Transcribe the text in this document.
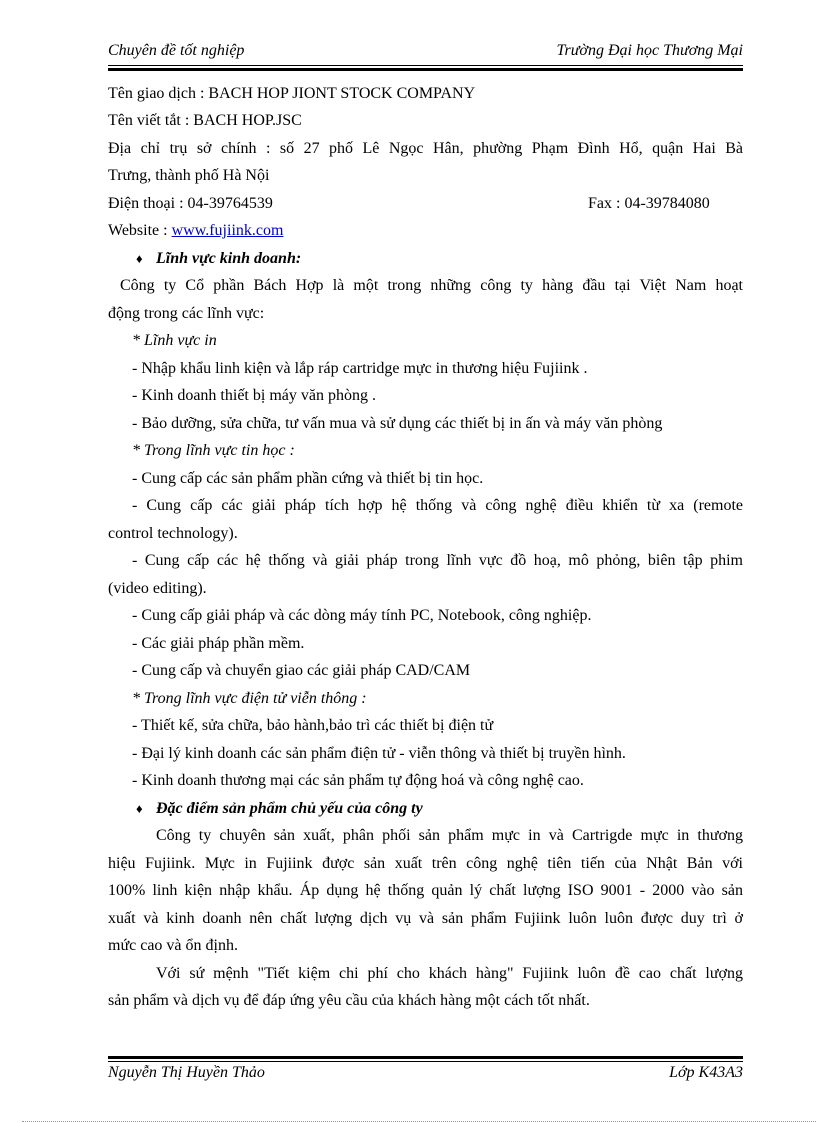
Chuyên đề tốt nghiệp	Trường Đại học Thương Mại
Tên giao dịch : BACH HOP JIONT STOCK COMPANY
Tên viết tắt : BACH HOP.JSC
Địa chỉ trụ sở chính : số 27 phố Lê Ngọc Hân, phường Phạm Đình Hổ, quận Hai Bà
Trưng, thành phố Hà Nội
Điện thoại : 04-39764539	Fax : 04-39784080
Website : www.fujiink.com
♦ Lĩnh vực kinh doanh:
Công ty Cổ phần Bách Hợp là một trong những công ty hàng đầu tại Việt Nam hoạt
động trong các lĩnh vực:
* Lĩnh vực in
- Nhập khẩu linh kiện và lắp ráp cartridge mực in thương hiệu Fujiink .
- Kinh doanh thiết bị máy văn phòng .
- Bảo dưỡng, sửa chữa, tư vấn mua và sử dụng các thiết bị in ấn và máy văn phòng
* Trong lĩnh vực tin học :
- Cung cấp các sản phẩm phần cứng và thiết bị tin học.
- Cung cấp các giải pháp tích hợp hệ thống và công nghệ điều khiển từ xa (remote
control technology).
- Cung cấp các hệ thống và giải pháp trong lĩnh vực đồ hoạ, mô phỏng, biên tập phim
(video editing).
- Cung cấp giải pháp và các dòng máy tính PC, Notebook, công nghiệp.
- Các giải pháp phần mềm.
- Cung cấp và chuyển giao các giải pháp CAD/CAM
* Trong lĩnh vực điện tử viễn thông :
- Thiết kế, sửa chữa, bảo hành,bảo trì các thiết bị điện tử
- Đại lý kinh doanh các sản phẩm điện tử - viễn thông và thiết bị truyền hình.
- Kinh doanh thương mại các sản phẩm tự động hoá và công nghệ cao.
♦ Đặc điểm sản phẩm chủ yếu của công ty
Công ty chuyên sản xuất, phân phối sản phẩm mực in và Cartrigde mực in thương
hiệu Fujiink. Mực in Fujiink được sản xuất trên công nghệ tiên tiến của Nhật Bản với
100% linh kiện nhập khẩu. Áp dụng hệ thống quản lý chất lượng ISO 9001 - 2000 vào sản
xuất và kinh doanh nên chất lượng dịch vụ và sản phẩm Fujiink luôn luôn được duy trì ở
mức cao và ổn định.
Với sứ mệnh "Tiết kiệm chi phí cho khách hàng" Fujiink luôn đề cao chất lượng
sản phẩm và dịch vụ để đáp ứng yêu cầu của khách hàng một cách tốt nhất.
Nguyễn Thị Huyền Thảo	Lớp K43A3
